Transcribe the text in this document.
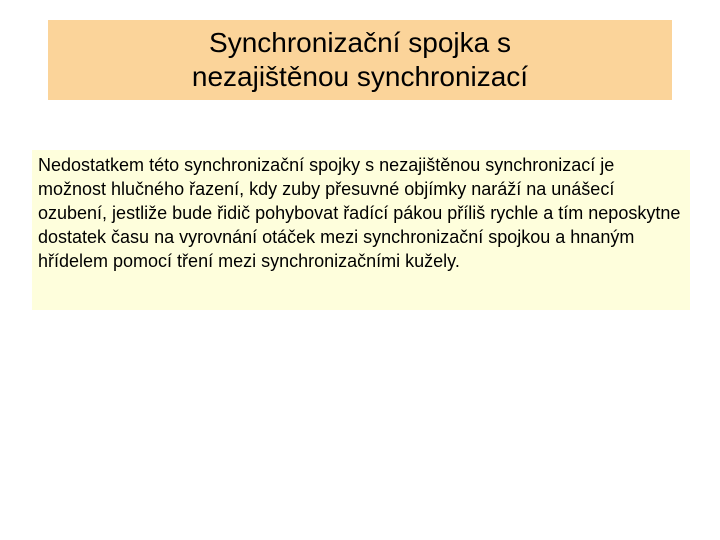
Synchronizační spojka s nezajištěnou synchronizací

Nedostatkem této synchronizační spojky s nezajištěnou synchronizací je možnost hlučného řazení, kdy zuby přesuvné objímky naráží na unášecí ozubení, jestliže bude řidič pohybovat řadící pákou příliš rychle a tím neposkytne dostatek času na vyrovnání otáček mezi synchronizační spojkou a hnaným hřídelem pomocí tření mezi synchronizačními kužely.
